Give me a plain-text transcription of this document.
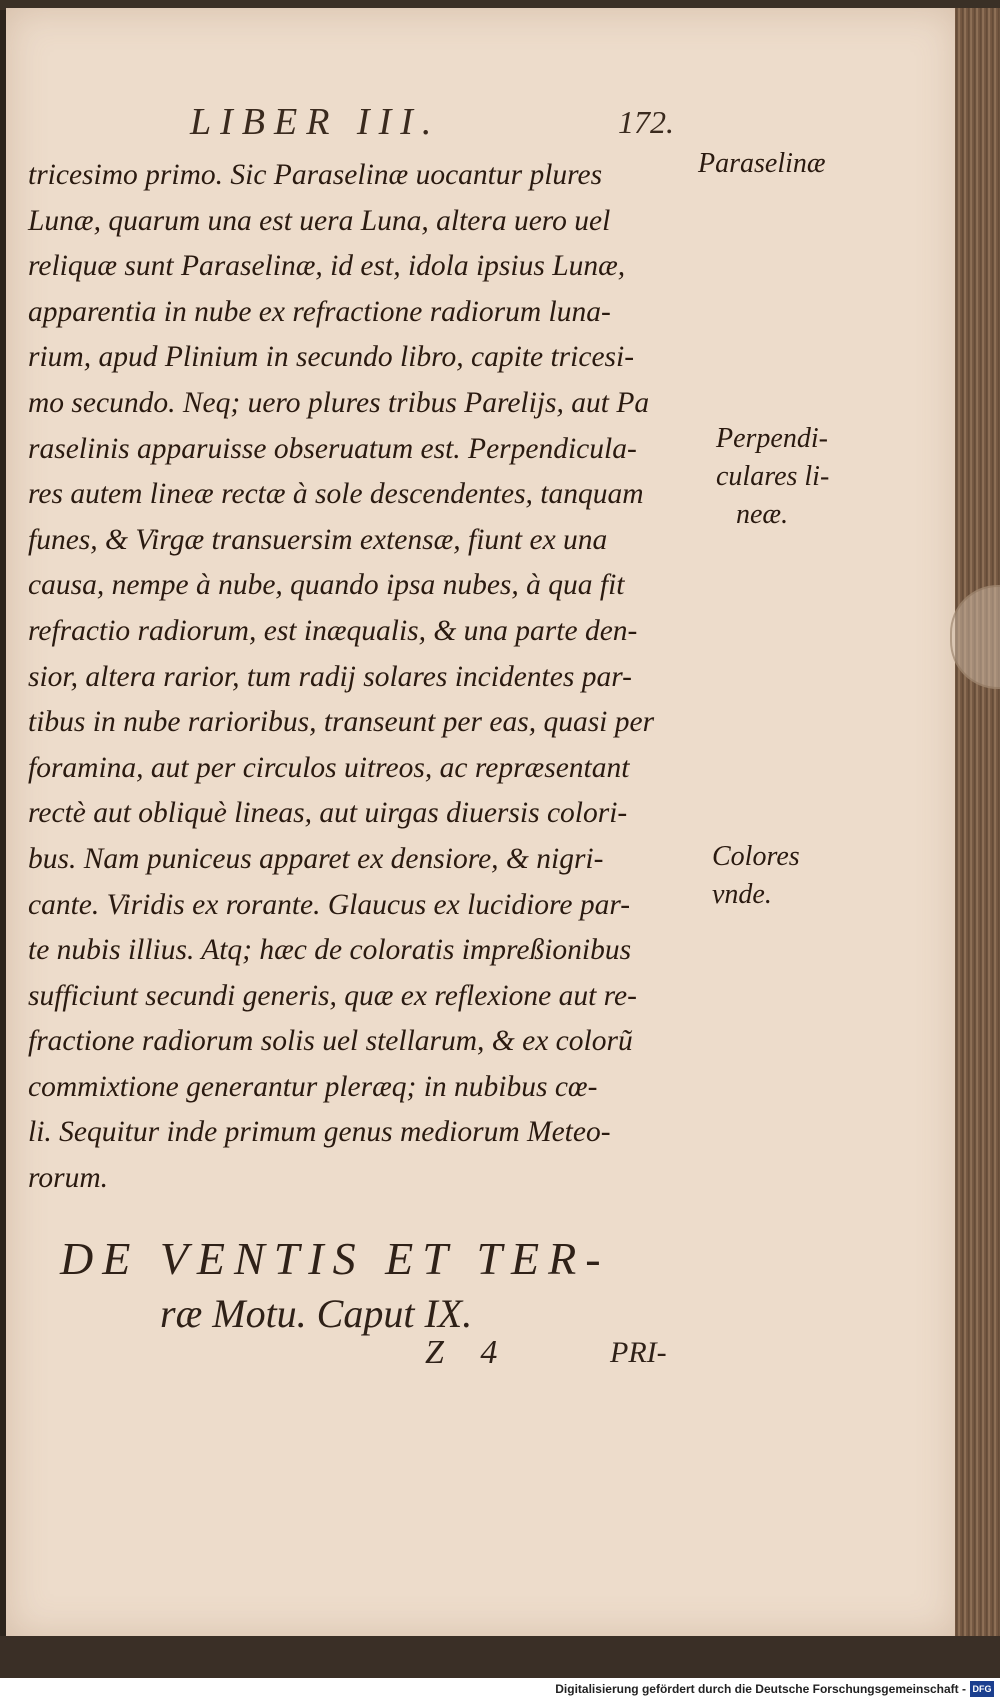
LIBER III.	172.
tricesimo primo. Sic Paraselinæ uocantur plures
Lunæ, quarum una est uera Luna, altera uero uel
reliquæ sunt Paraselinæ, id est, idola ipsius Lunæ,
apparentia in nube ex refractione radiorum luna-
rium, apud Plinium in secundo libro, capite tricesi-
mo secundo. Neq; uero plures tribus Parelijs, aut Pa
raselinis apparuisse obseruatum est. Perpendicula-
res autem lineæ rectæ à sole descendentes, tanquam
funes, & Virgæ transuersim extensæ, fiunt ex una
causa, nempe à nube, quando ipsa nubes, à qua fit
refractio radiorum, est inæqualis, & una parte den-
sior, altera rarior, tum radij solares incidentes par-
tibus in nube rarioribus, transeunt per eas, quasi per
foramina, aut per circulos uitreos, ac repræsentant
rectè aut obliquè lineas, aut uirgas diuersis colori-
bus. Nam puniceus apparet ex densiore, & nigri-
cante. Viridis ex rorante. Glaucus ex lucidiore par-
te nubis illius. Atq; hæc de coloratis impreßionibus
sufficiunt secundi generis, quæ ex reflexione aut re-
fractione radiorum solis uel stellarum, & ex colorũ
commixtione generantur pleræq; in nubibus cœ-
li. Sequitur inde primum genus mediorum Meteo-
rorum.
Paraselinæ
Perpendi-
culares li-
neæ.
Colores
vnde.
DE VENTIS ET TER-
ræ Motu. Caput IX.
Z 4	PRI-
Digitalisierung gefördert durch die Deutsche Forschungsgemeinschaft - DFG
